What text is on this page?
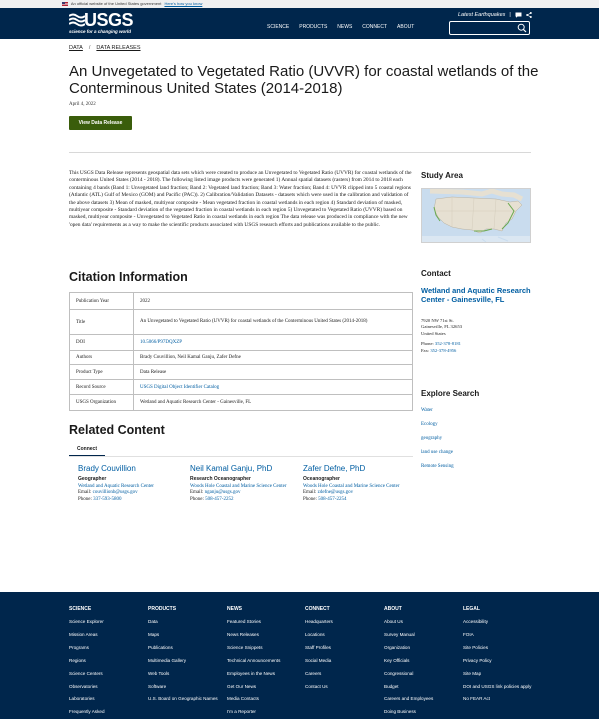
An official website of the United States government Here's how you know
USGS
science for a changing world
Latest Earthquakes |
SCIENCE PRODUCTS NEWS CONNECT ABOUT
DATA / DATA RELEASES
An Unvegetated to Vegetated Ratio (UVVR) for coastal wetlands of the Conterminous United States (2014-2018)
April 4, 2022
View Data Release

This USGS Data Release represents geospatial data sets which were created to produce an Unvegetated to Vegetated Ratio (UVVR) for coastal wetlands of the conterminous United States (2014 - 2018). The following listed image products were generated 1) Annual spatial datasets (rasters) from 2014 to 2018 each containing 4 bands (Band 1: Unvegetated land fraction; Band 2: Vegetated land fraction; Band 3: Water fraction; Band 4: UVVR clipped into 5 coastal regions (Atlantic (ATL) Gulf of Mexico (GOM) and Pacific (PAC)). 2) Calibration/Validation Datasets - datasets which were used in the calibration and validation of the above datasets 3) Mean of masked, multiyear composite - Mean vegetated fraction in coastal wetlands in each region 4) Standard deviation of masked, multiyear composite - Standard deviation of the vegetated fraction in coastal wetlands in each region 5) Unvegetated to Vegetated Ratio (UVVR) based on masked, multiyear composite - Unvegetated to Vegetated Ratio in coastal wetlands in each region The data release was produced in compliance with the new 'open data' requirements as a way to make the scientific products associated with USGS research efforts and publications available to the public.

Citation Information
Publication Year	2022
Title	An Unvegetated to Vegetated Ratio (UVVR) for coastal wetlands of the Conterminous United States (2014-2018)
DOI	10.5066/P97DQXZP
Authors	Brady Couvillion, Neil Kamal Ganju, Zafer Defne
Product Type	Data Release
Record Source	USGS Digital Object Identifier Catalog
USGS Organization	Wetland and Aquatic Research Center - Gainesville, FL
Related Content
Connect
Brady Couvillion
Geographer
Wetland and Aquatic Research Center
Email: couvillionb@usgs.gov
Phone: 337-593-5800
Neil Kamal Ganju, PhD
Research Oceanographer
Woods Hole Coastal and Marine Science Center
Email: nganju@usgs.gov
Phone: 508-457-2252
Zafer Defne, PhD
Oceanographer
Woods Hole Coastal and Marine Science Center
Email: zdefne@usgs.gov
Phone: 508-457-2254
Study Area
Contact
Wetland and Aquatic Research Center - Gainesville, FL
7920 NW 71st St.
Gainesville, FL 32653
United States
Phone: 352-378-8181
Fax: 352-378-4956
Explore Search
Water
Ecology
geography
land use change
Remote Sensing
SCIENCE
Science Explorer
Mission Areas
Programs
Regions
Science Centers
Observatories
Laboratories
Frequently Asked
PRODUCTS
Data
Maps
Publications
Multimedia Gallery
Web Tools
Software
U.S. Board on Geographic Names
NEWS
Featured Stories
News Releases
Science Snippets
Technical Announcements
Employees in the News
Get Our News
Media Contacts
I'm a Reporter
CONNECT
Headquarters
Locations
Staff Profiles
Social Media
Careers
Contact Us
ABOUT
About Us
Survey Manual
Organization
Key Officials
Congressional
Budget
Careers and Employees
Doing Business
LEGAL
Accessibility
FOIA
Site Policies
Privacy Policy
Site Map
DOI and USGS link policies apply
No FEAR Act
